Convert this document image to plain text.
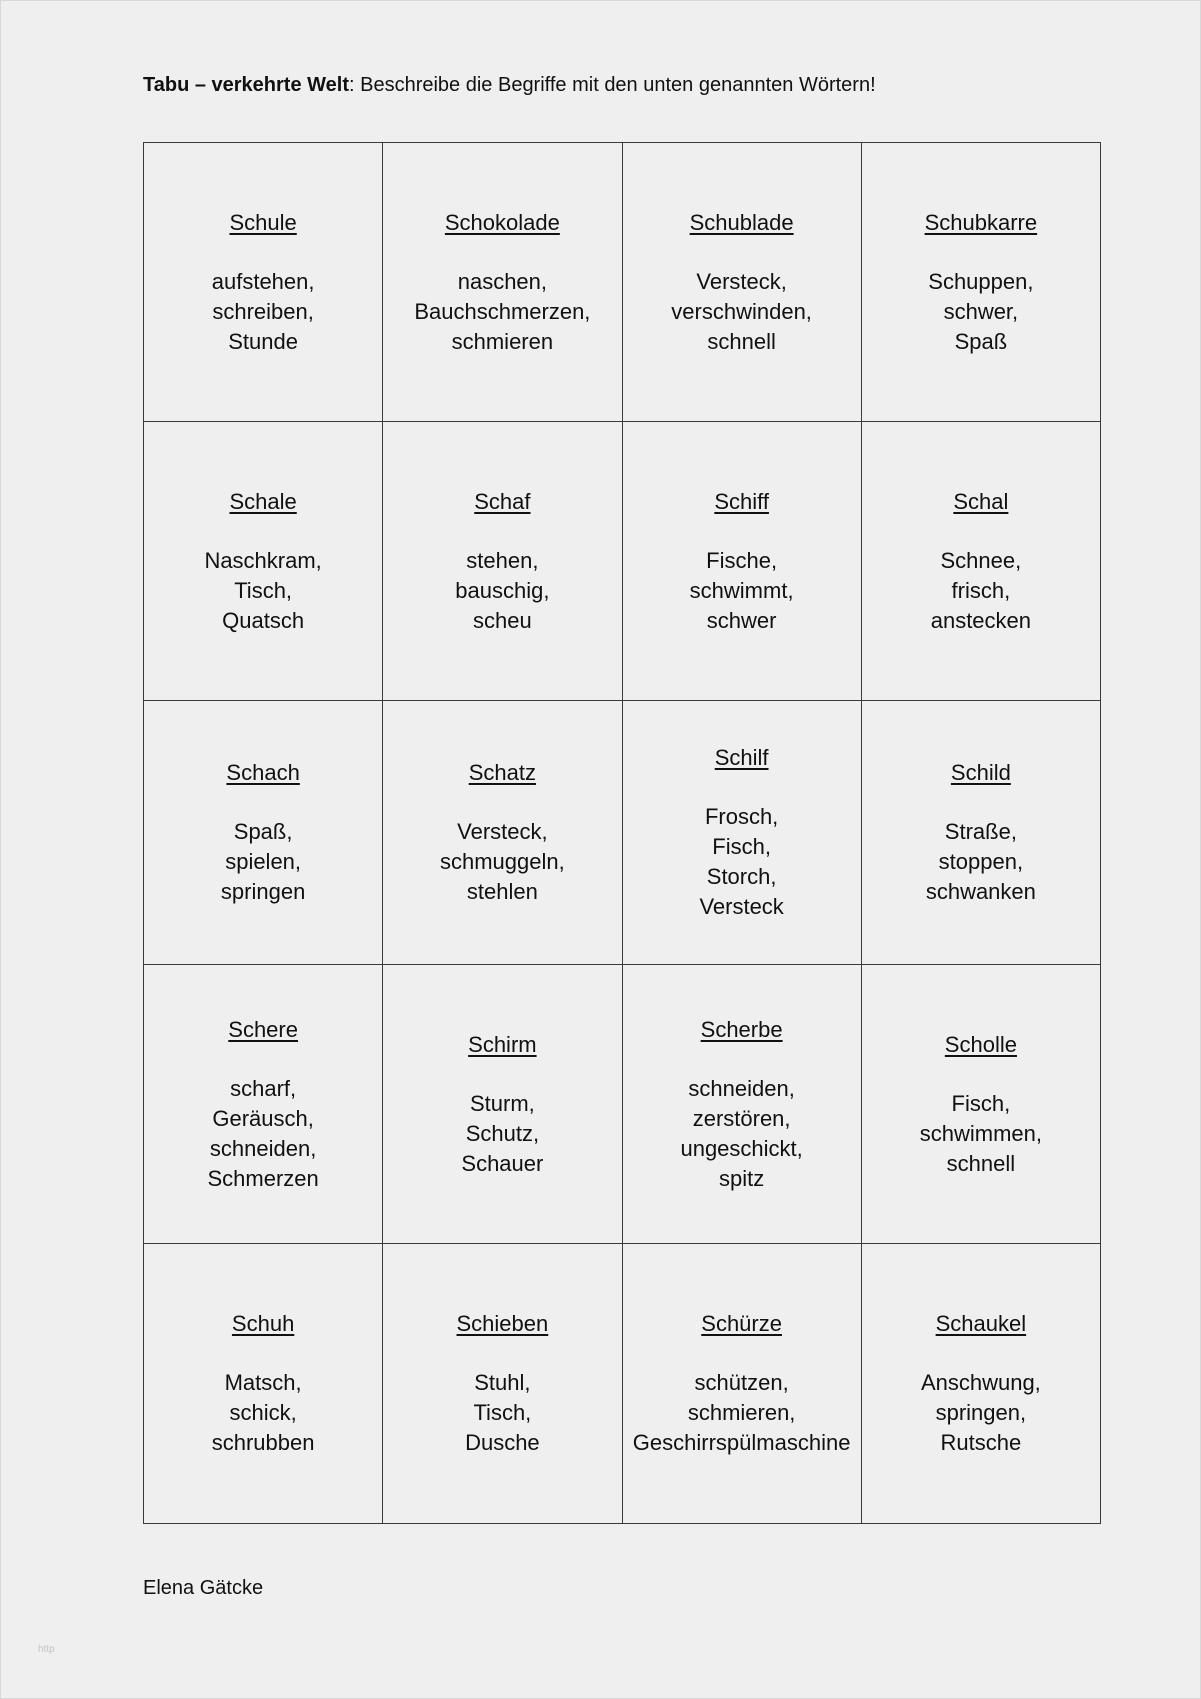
Tabu – verkehrte Welt: Beschreibe die Begriffe mit den unten genannten Wörtern!
Schule
aufstehen,
schreiben,
Stunde	Schokolade
naschen,
Bauchschmerzen,
schmieren	Schublade
Versteck,
verschwinden,
schnell	Schubkarre
Schuppen,
schwer,
Spaß

Schale
Naschkram,
Tisch,
Quatsch	Schaf
stehen,
bauschig,
scheu	Schiff
Fische,
schwimmt,
schwer	Schal
Schnee,
frisch,
anstecken

Schach
Spaß,
spielen,
springen	Schatz
Versteck,
schmuggeln,
stehlen	Schilf
Frosch,
Fisch,
Storch,
Versteck	Schild
Straße,
stoppen,
schwanken

Schere
scharf,
Geräusch,
schneiden,
Schmerzen	Schirm
Sturm,
Schutz,
Schauer	Scherbe
schneiden,
zerstören,
ungeschickt,
spitz	Scholle
Fisch,
schwimmen,
schnell

Schuh
Matsch,
schick,
schrubben	Schieben
Stuhl,
Tisch,
Dusche	Schürze
schützen,
schmieren,
Geschirrspülmaschine	Schaukel
Anschwung,
springen,
Rutsche
Elena Gätcke
http
